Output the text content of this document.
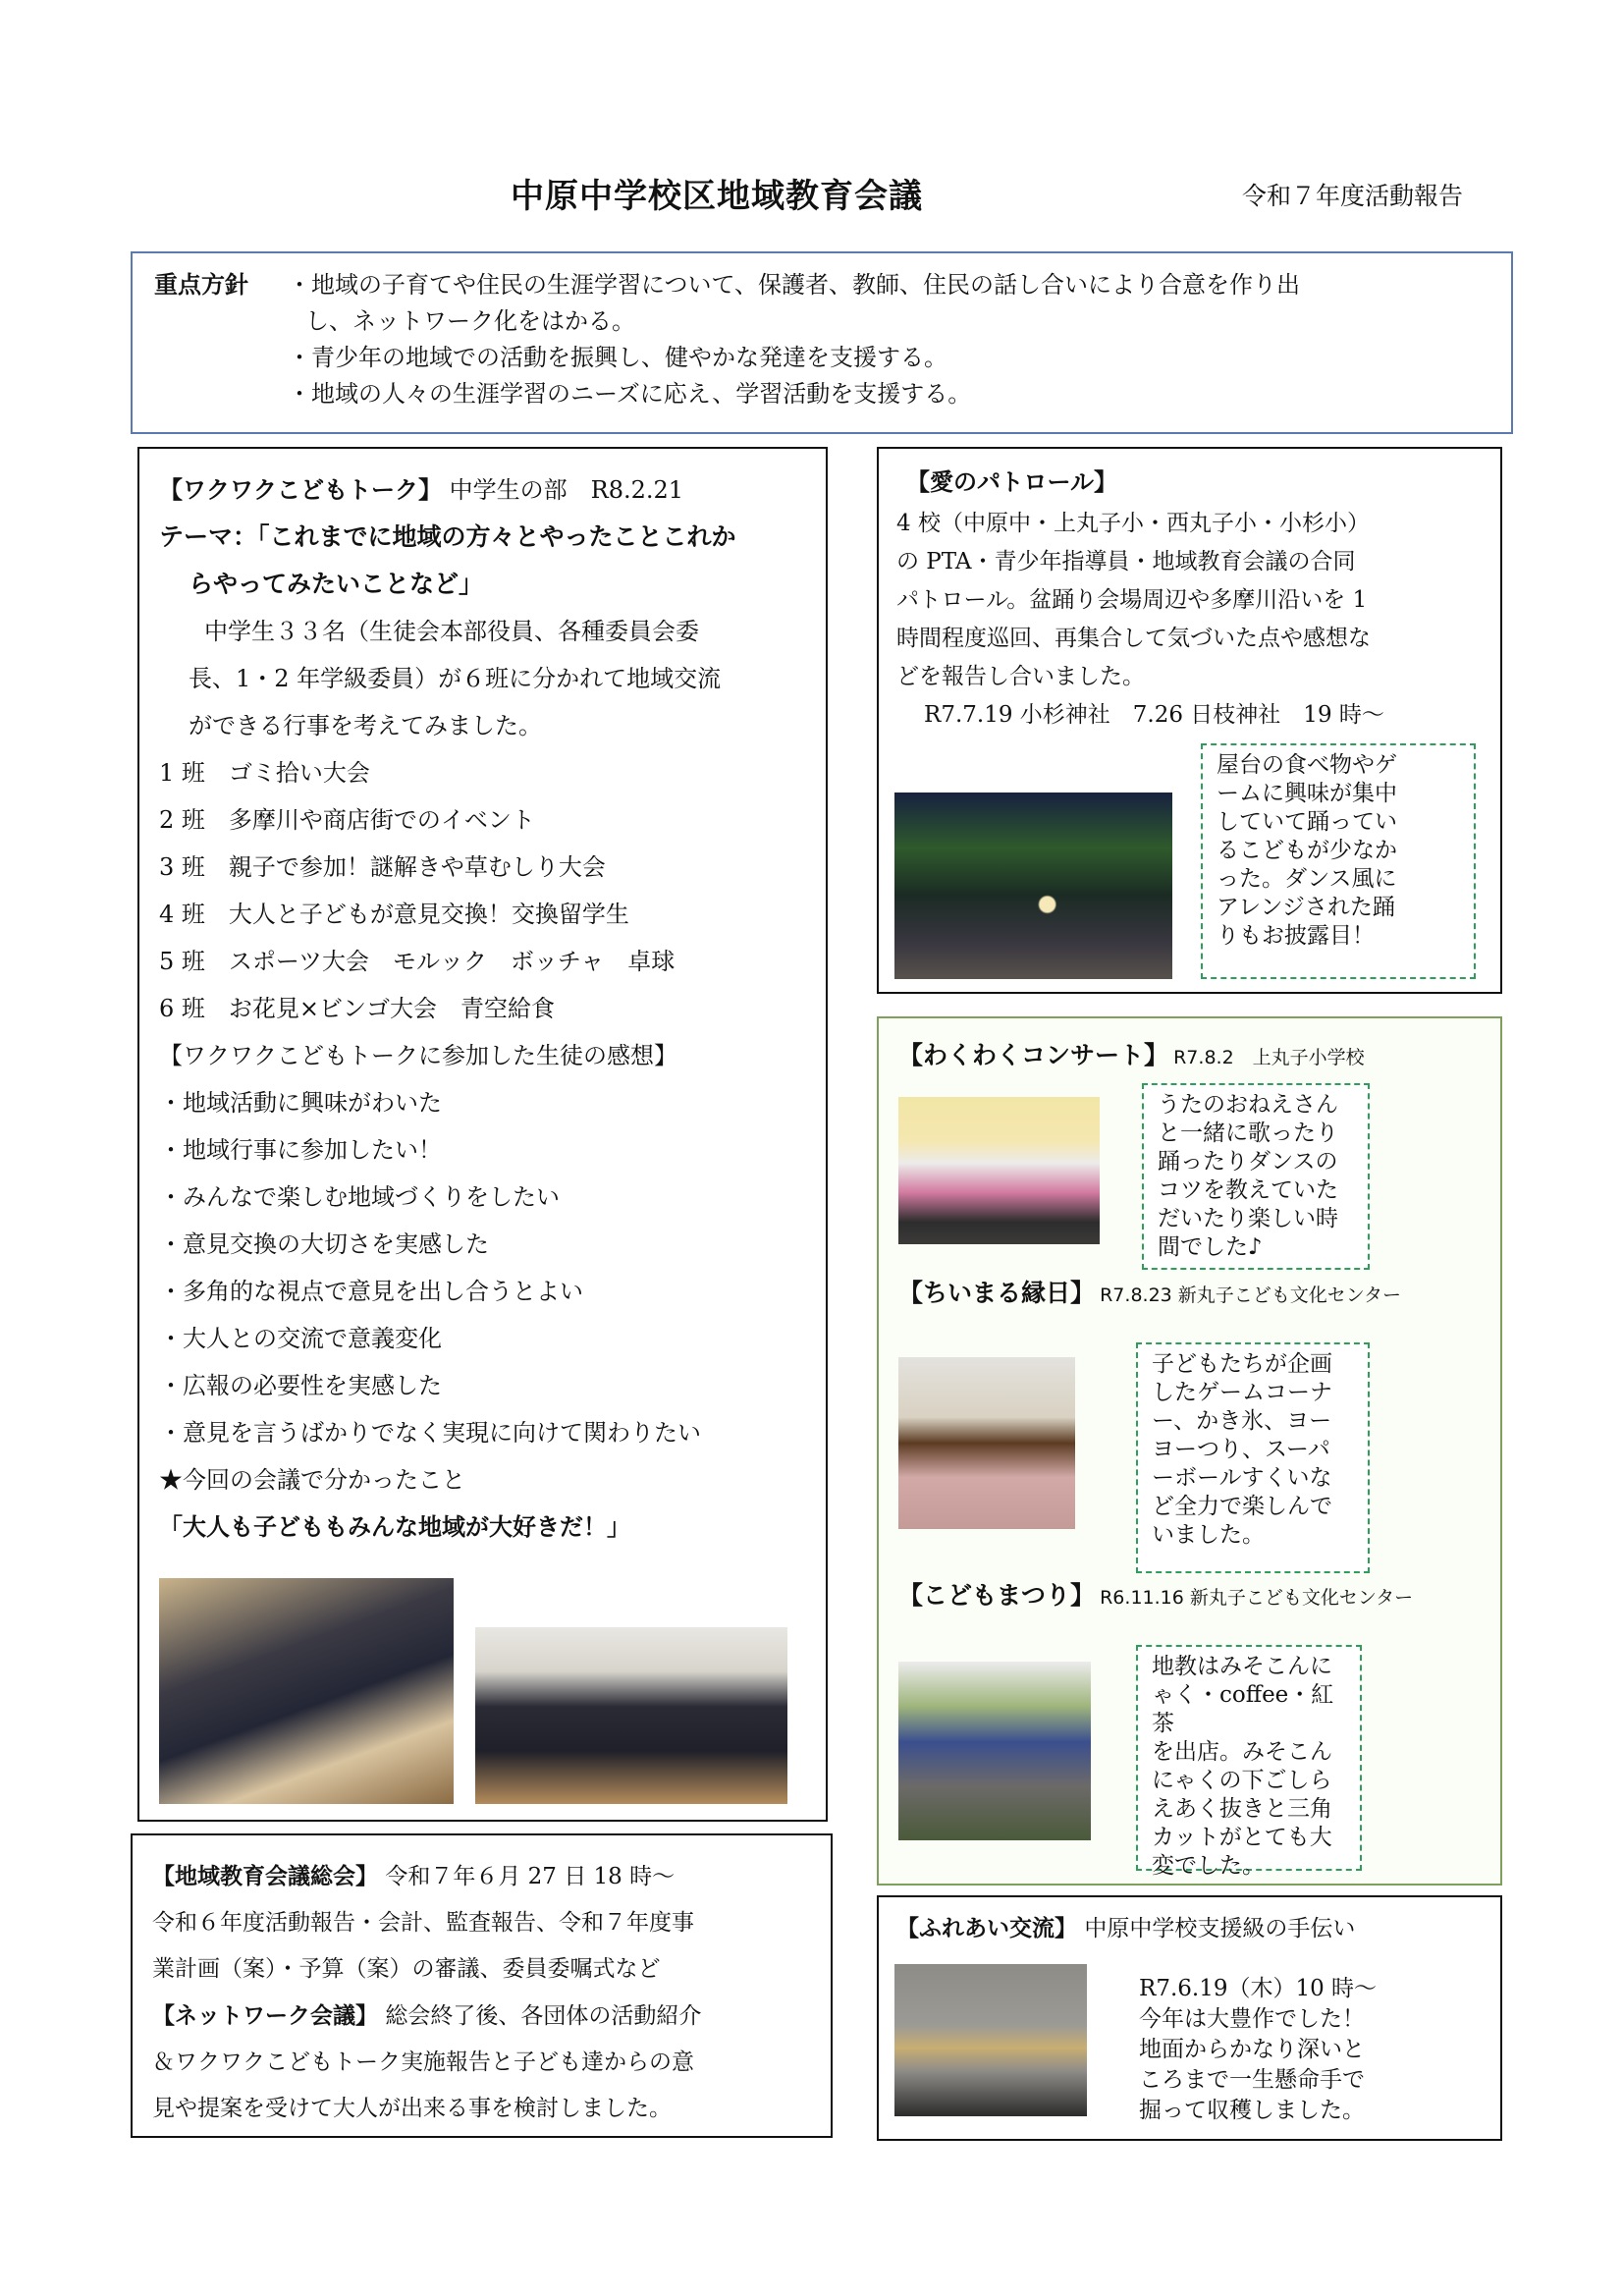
中原中学校区地域教育会議	令和７年度活動報告
重点方針	・地域の子育てや住民の生涯学習について、保護者、教師、住民の話し合いにより合意を作り出
し、ネットワーク化をはかる。
・青少年の地域での活動を振興し、健やかな発達を支援する。
・地域の人々の生涯学習のニーズに応え、学習活動を支援する。
【ワクワクこどもトーク】 中学生の部　R8.2.21
テーマ：「これまでに地域の方々とやったことこれか
らやってみたいことなど」
中学生３３名（生徒会本部役員、各種委員会委
長、1・2 年学級委員）が６班に分かれて地域交流
ができる行事を考えてみました。
1 班　ゴミ拾い大会
2 班　多摩川や商店街でのイベント
3 班　親子で参加！謎解きや草むしり大会
4 班　大人と子どもが意見交換！交換留学生
5 班　スポーツ大会　モルック　ボッチャ　卓球
6 班　お花見×ビンゴ大会　青空給食
【ワクワクこどもトークに参加した生徒の感想】
・地域活動に興味がわいた
・地域行事に参加したい！
・みんなで楽しむ地域づくりをしたい
・意見交換の大切さを実感した
・多角的な視点で意見を出し合うとよい
・大人との交流で意義変化
・広報の必要性を実感した
・意見を言うばかりでなく実現に向けて関わりたい
★今回の会議で分かったこと
「大人も子どももみんな地域が大好きだ！」
【愛のパトロール】
4 校（中原中・上丸子小・西丸子小・小杉小）
の PTA・青少年指導員・地域教育会議の合同
パトロール。盆踊り会場周辺や多摩川沿いを 1
時間程度巡回、再集合して気づいた点や感想な
どを報告し合いました。
R7.7.19 小杉神社　7.26 日枝神社　19 時～
屋台の食べ物やゲ
ームに興味が集中
していて踊ってい
るこどもが少なか
った。ダンス風に
アレンジされた踊
りもお披露目！
【わくわくコンサート】 R7.8.2　上丸子小学校
うたのおねえさん
と一緒に歌ったり
踊ったりダンスの
コツを教えていた
だいたり楽しい時
間でした♪
【ちいまる縁日】 R7.8.23 新丸子こども文化センター
子どもたちが企画
したゲームコーナ
ー、かき氷、ヨー
ヨーつり、スーパ
ーボールすくいな
ど全力で楽しんで
いました。
【こどもまつり】 R6.11.16 新丸子こども文化センター
地教はみそこんに
ゃく・coffee・紅茶
を出店。みそこん
にゃくの下ごしら
えあく抜きと三角
カットがとても大
変でした。
【地域教育会議総会】 令和７年６月 27 日 18 時～
令和６年度活動報告・会計、監査報告、令和７年度事
業計画（案）・予算（案）の審議、委員委嘱式など
【ネットワーク会議】 総会終了後、各団体の活動紹介
＆ワクワクこどもトーク実施報告と子ども達からの意
見や提案を受けて大人が出来る事を検討しました。
【ふれあい交流】 中原中学校支援級の手伝い
R7.6.19（木）10 時～
今年は大豊作でした！
地面からかなり深いと
ころまで一生懸命手で
掘って収穫しました。
